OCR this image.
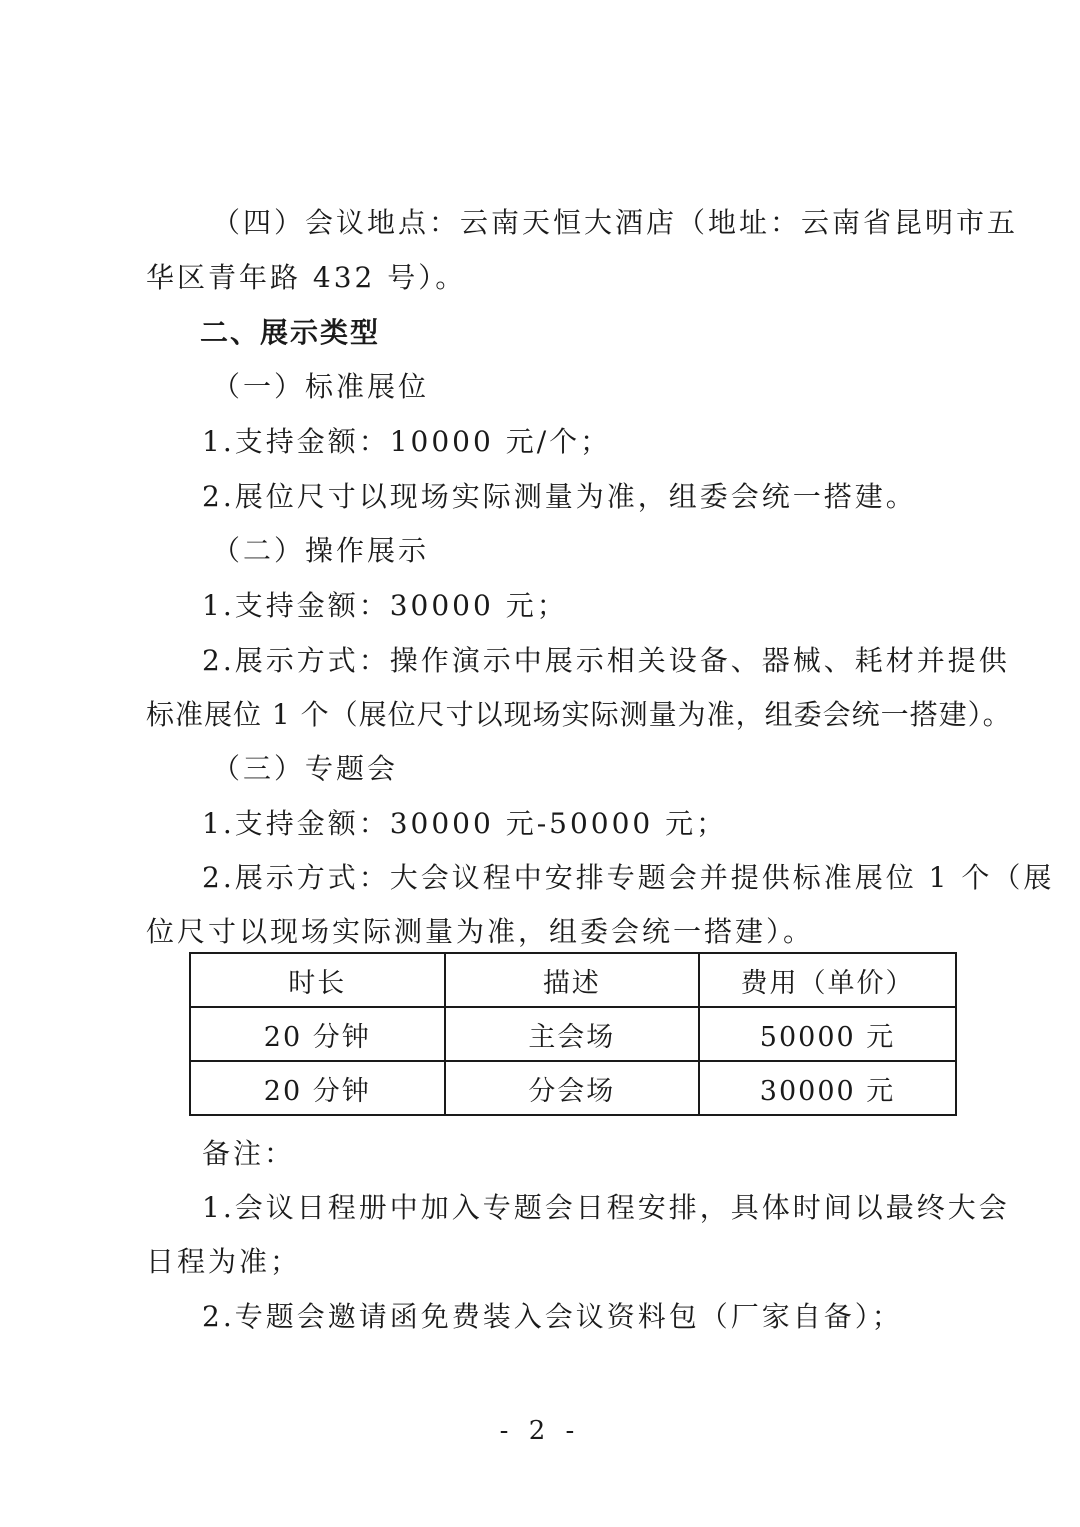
（四）会议地点：云南天恒大酒店（地址：云南省昆明市五
华区青年路 432 号）。
二、展示类型
（一）标准展位
1.支持金额：10000 元/个；
2.展位尺寸以现场实际测量为准，组委会统一搭建。
（二）操作展示
1.支持金额：30000 元；
2.展示方式：操作演示中展示相关设备、器械、耗材并提供
标准展位 1 个（展位尺寸以现场实际测量为准，组委会统一搭建）。
（三）专题会
1.支持金额：30000 元-50000 元；
2.展示方式：大会议程中安排专题会并提供标准展位 1 个（展
位尺寸以现场实际测量为准，组委会统一搭建）。
时长	描述	费用（单价）
20 分钟	主会场	50000 元
20 分钟	分会场	30000 元
备注：
1.会议日程册中加入专题会日程安排，具体时间以最终大会
日程为准；
2.专题会邀请函免费装入会议资料包（厂家自备）；
- 2 -
